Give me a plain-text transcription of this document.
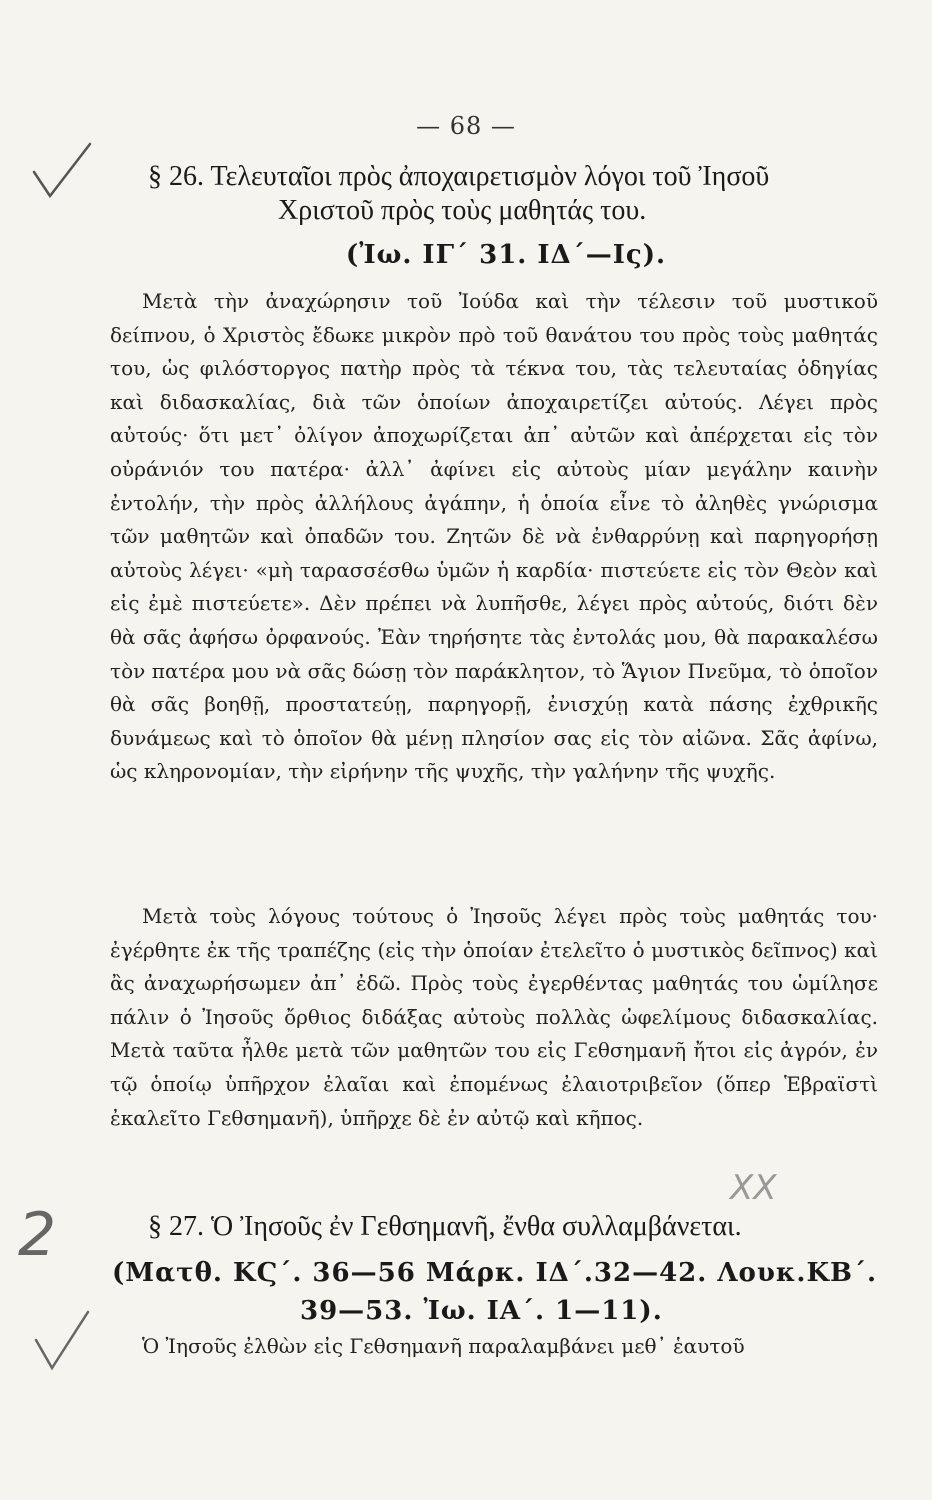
— 68 —
§ 26. Τελευταῖοι πρὸς ἀποχαιρετισμὸν λόγοι τοῦ Ἰησοῦ
Χριστοῦ πρὸς τοὺς μαθητάς του.
(Ἰω. ΙΓ΄ 31. ΙΔ΄—Ις).
Μετὰ τὴν ἀναχώρησιν τοῦ Ἰούδα καὶ τὴν τέλεσιν τοῦ μυστικοῦ δείπνου, ὁ Χριστὸς ἔδωκε μικρὸν πρὸ τοῦ θανάτου του πρὸς τοὺς μαθητάς του, ὡς φιλόστοργος πατὴρ πρὸς τὰ τέκνα του, τὰς τελευταίας ὁδηγίας καὶ διδασκαλίας, διὰ τῶν ὁποίων ἀποχαιρετίζει αὐτούς. Λέγει πρὸς αὐτούς· ὅτι μετ᾿ ὀλίγον ἀποχωρίζεται ἀπ᾿ αὐτῶν καὶ ἀπέρχεται εἰς τὸν οὐράνιόν του πατέρα· ἀλλ᾿ ἀφίνει εἰς αὐτοὺς μίαν μεγάλην καινὴν ἐντολήν, τὴν πρὸς ἀλλήλους ἀγάπην, ἡ ὁποία εἶνε τὸ ἀληθὲς γνώρισμα τῶν μαθητῶν καὶ ὀπαδῶν του. Ζητῶν δὲ νὰ ἐνθαρρύνῃ καὶ παρηγορήσῃ αὐτοὺς λέγει· «μὴ ταρασσέσθω ὑμῶν ἡ καρδία· πιστεύετε εἰς τὸν Θεὸν καὶ εἰς ἐμὲ πιστεύετε». Δὲν πρέπει νὰ λυπῆσθε, λέγει πρὸς αὐτούς, διότι δὲν θὰ σᾶς ἀφήσω ὀρφανούς. Ἐὰν τηρήσητε τὰς ἐντολάς μου, θὰ παρακαλέσω τὸν πατέρα μου νὰ σᾶς δώσῃ τὸν παράκλητον, τὸ Ἅγιον Πνεῦμα, τὸ ὁποῖον θὰ σᾶς βοηθῇ, προστατεύῃ, παρηγορῇ, ἐνισχύῃ κατὰ πάσης ἐχθρικῆς δυνάμεως καὶ τὸ ὁποῖον θὰ μένῃ πλησίον σας εἰς τὸν αἰῶνα. Σᾶς ἀφίνω, ὡς κληρονομίαν, τὴν εἰρήνην τῆς ψυχῆς, τὴν γαλήνην τῆς ψυχῆς.
Μετὰ τοὺς λόγους τούτους ὁ Ἰησοῦς λέγει πρὸς τοὺς μαθητάς του· ἐγέρθητε ἐκ τῆς τραπέζης (εἰς τὴν ὁποίαν ἐτελεῖτο ὁ μυστικὸς δεῖπνος) καὶ ἂς ἀναχωρήσωμεν ἀπ᾿ ἐδῶ. Πρὸς τοὺς ἐγερθέντας μαθητάς του ὡμίλησε πάλιν ὁ Ἰησοῦς ὄρθιος διδάξας αὐτοὺς πολλὰς ὠφελίμους διδασκαλίας. Μετὰ ταῦτα ἦλθε μετὰ τῶν μαθητῶν του εἰς Γεθσημανῆ ἤτοι εἰς ἀγρόν, ἐν τῷ ὁποίῳ ὑπῆρχον ἐλαῖαι καὶ ἐπομένως ἐλαιοτριβεῖον (ὅπερ Ἑβραϊστὶ ἐκαλεῖτο Γεθσημανῆ), ὑπῆρχε δὲ ἐν αὐτῷ καὶ κῆπος.
ΧΧ
2	§ 27. Ὁ Ἰησοῦς ἐν Γεθσημανῆ, ἔνθα συλλαμβάνεται.
(Ματθ. ΚϚ΄. 36—56 Μάρκ. ΙΔ΄.32—42. Λουκ.ΚΒ΄.
39—53. Ἰω. ΙΑ΄. 1—11).
Ὁ Ἰησοῦς ἐλθὼν εἰς Γεθσημανῆ παραλαμβάνει μεθ᾿ ἑαυτοῦ
